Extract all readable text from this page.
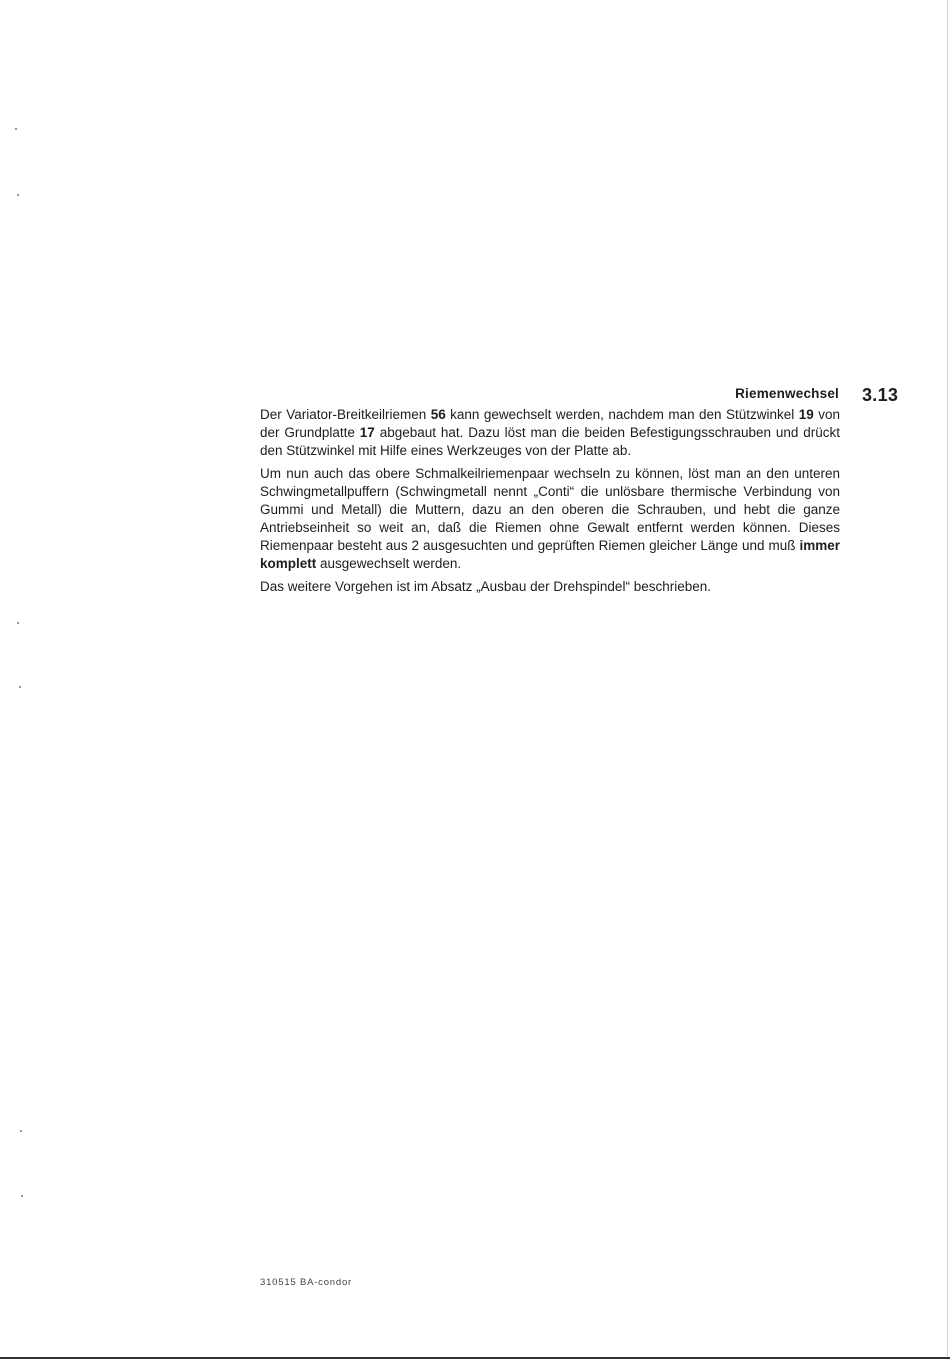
Riemenwechsel 3.13

Der Variator-Breitkeilriemen 56 kann gewechselt werden, nachdem man den Stützwinkel 19 von der Grundplatte 17 abgebaut hat. Dazu löst man die beiden Befestigungsschrauben und drückt den Stützwinkel mit Hilfe eines Werkzeuges von der Platte ab.

Um nun auch das obere Schmalkeilriemenpaar wechseln zu können, löst man an den unteren Schwingmetallpuffern (Schwingmetall nennt „Conti“ die unlösbare thermische Verbindung von Gummi und Metall) die Muttern, dazu an den oberen die Schrauben, und hebt die ganze Antriebseinheit so weit an, daß die Riemen ohne Gewalt entfernt werden können. Dieses Riemenpaar besteht aus 2 ausgesuchten und geprüften Riemen gleicher Länge und muß immer komplett ausgewechselt werden.

Das weitere Vorgehen ist im Absatz „Ausbau der Drehspindel“ beschrieben.

310515 BA-condor
